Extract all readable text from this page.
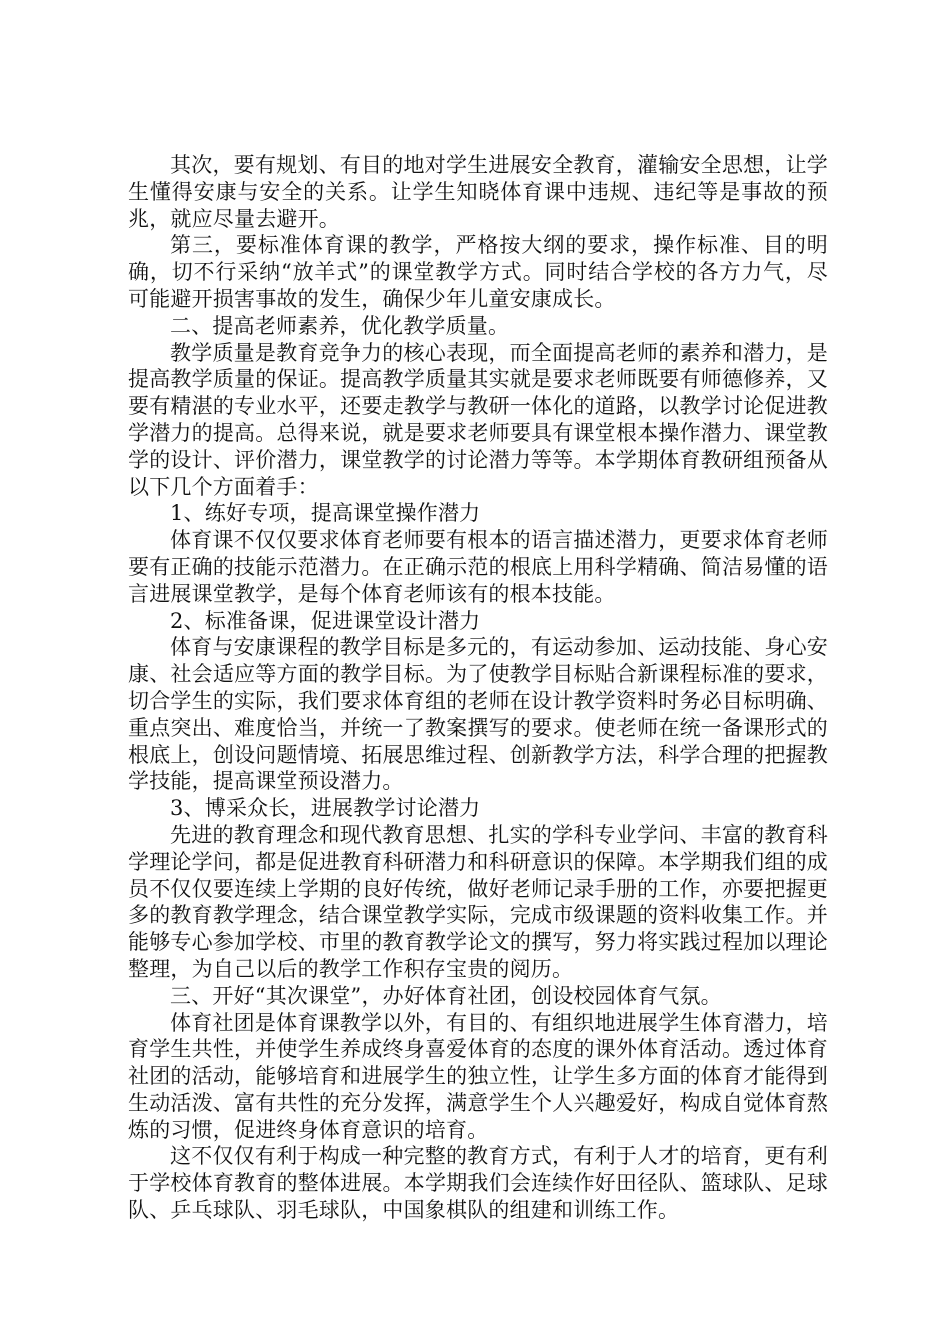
其次，要有规划、有目的地对学生进展安全教育，灌输安全思想，让学生懂得安康与安全的关系。让学生知晓体育课中违规、违纪等是事故的预兆，就应尽量去避开。

第三，要标准体育课的教学，严格按大纲的要求，操作标准、目的明确，切不行采纳“放羊式”的课堂教学方式。同时结合学校的各方力气，尽可能避开损害事故的发生，确保少年儿童安康成长。

二、提高老师素养，优化教学质量。

教学质量是教育竞争力的核心表现，而全面提高老师的素养和潜力，是提高教学质量的保证。提高教学质量其实就是要求老师既要有师德修养，又要有精湛的专业水平，还要走教学与教研一体化的道路，以教学讨论促进教学潜力的提高。总得来说，就是要求老师要具有课堂根本操作潜力、课堂教学的设计、评价潜力，课堂教学的讨论潜力等等。本学期体育教研组预备从以下几个方面着手：

1、练好专项，提高课堂操作潜力

体育课不仅仅要求体育老师要有根本的语言描述潜力，更要求体育老师要有正确的技能示范潜力。在正确示范的根底上用科学精确、简洁易懂的语言进展课堂教学，是每个体育老师该有的根本技能。

2、标准备课，促进课堂设计潜力

体育与安康课程的教学目标是多元的，有运动参加、运动技能、身心安康、社会适应等方面的教学目标。为了使教学目标贴合新课程标准的要求，切合学生的实际，我们要求体育组的老师在设计教学资料时务必目标明确、重点突出、难度恰当，并统一了教案撰写的要求。使老师在统一备课形式的根底上，创设问题情境、拓展思维过程、创新教学方法，科学合理的把握教学技能，提高课堂预设潜力。

3、博采众长，进展教学讨论潜力

先进的教育理念和现代教育思想、扎实的学科专业学问、丰富的教育科学理论学问，都是促进教育科研潜力和科研意识的保障。本学期我们组的成员不仅仅要连续上学期的良好传统，做好老师记录手册的工作，亦要把握更多的教育教学理念，结合课堂教学实际，完成市级课题的资料收集工作。并能够专心参加学校、市里的教育教学论文的撰写，努力将实践过程加以理论整理，为自己以后的教学工作积存宝贵的阅历。

三、开好“其次课堂”，办好体育社团，创设校园体育气氛。

体育社团是体育课教学以外，有目的、有组织地进展学生体育潜力，培育学生共性，并使学生养成终身喜爱体育的态度的课外体育活动。透过体育社团的活动，能够培育和进展学生的独立性，让学生多方面的体育才能得到生动活泼、富有共性的充分发挥，满意学生个人兴趣爱好，构成自觉体育熬炼的习惯，促进终身体育意识的培育。

这不仅仅有利于构成一种完整的教育方式，有利于人才的培育，更有利于学校体育教育的整体进展。本学期我们会连续作好田径队、篮球队、足球队、乒乓球队、羽毛球队，中国象棋队的组建和训练工作。
